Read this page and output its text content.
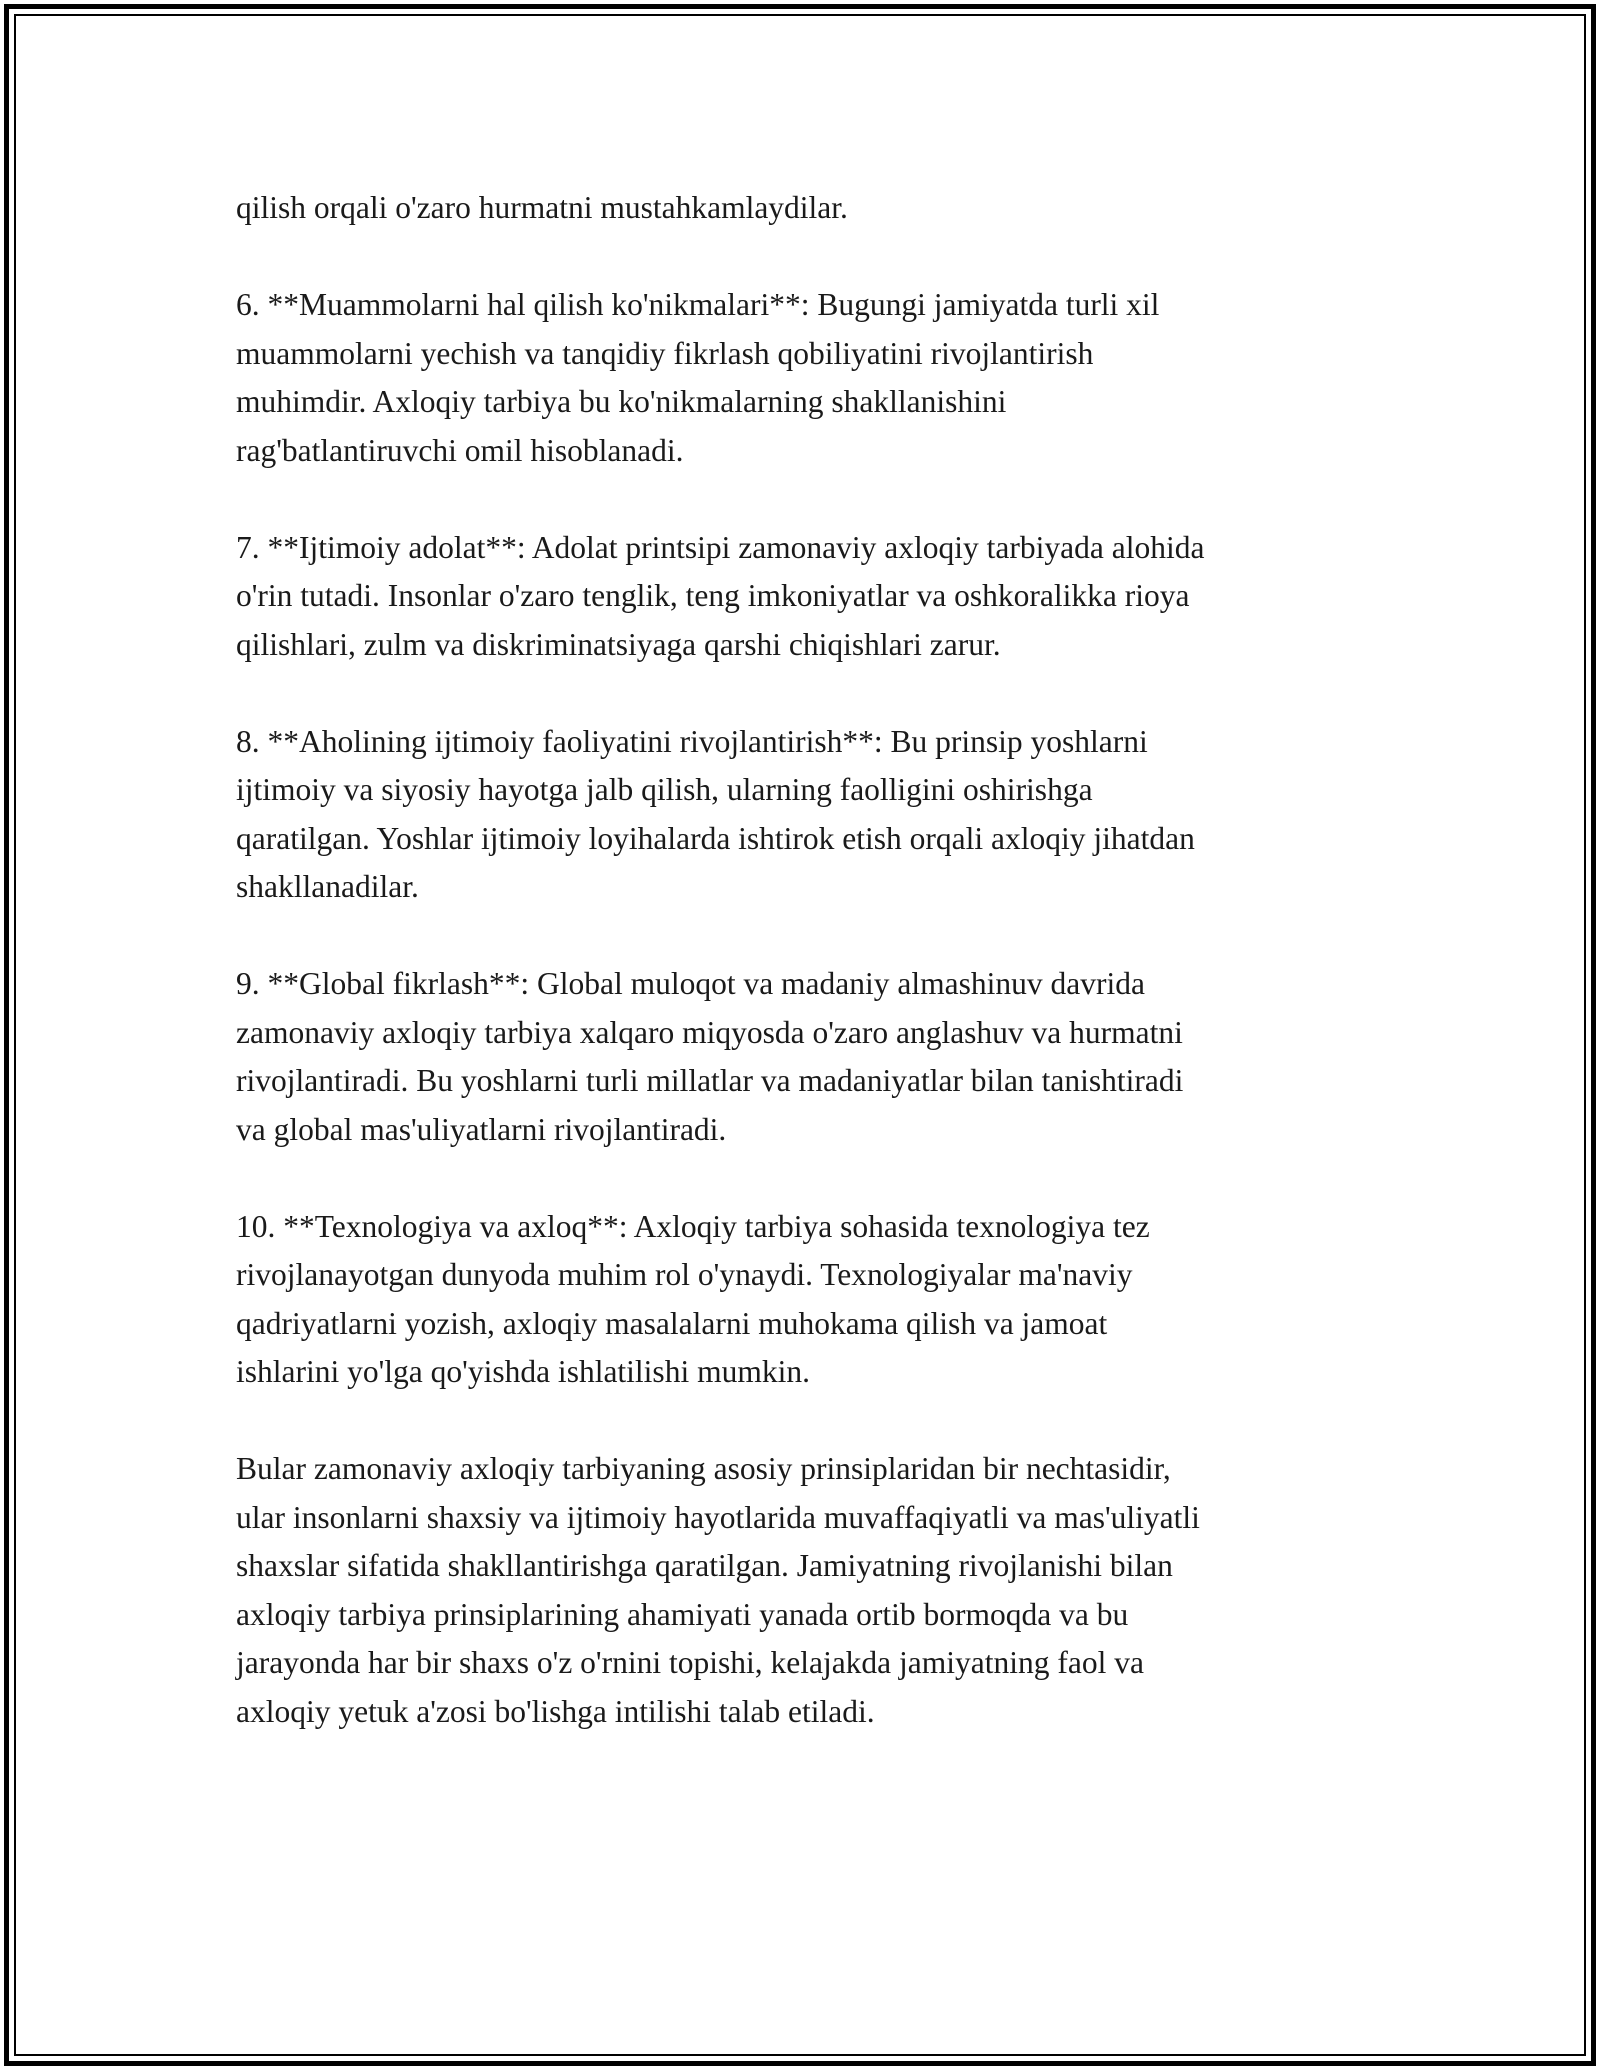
qilish orqali o'zaro hurmatni mustahkamlaydilar.

6. **Muammolarni hal qilish ko'nikmalari**: Bugungi jamiyatda turli xil
muammolarni yechish va tanqidiy fikrlash qobiliyatini rivojlantirish
muhimdir. Axloqiy tarbiya bu ko'nikmalarning shakllanishini
rag'batlantiruvchi omil hisoblanadi.

7. **Ijtimoiy adolat**: Adolat printsipi zamonaviy axloqiy tarbiyada alohida
o'rin tutadi. Insonlar o'zaro tenglik, teng imkoniyatlar va oshkoralikka rioya
qilishlari, zulm va diskriminatsiyaga qarshi chiqishlari zarur.

8. **Aholining ijtimoiy faoliyatini rivojlantirish**: Bu prinsip yoshlarni
ijtimoiy va siyosiy hayotga jalb qilish, ularning faolligini oshirishga
qaratilgan. Yoshlar ijtimoiy loyihalarda ishtirok etish orqali axloqiy jihatdan
shakllanadilar.

9. **Global fikrlash**: Global muloqot va madaniy almashinuv davrida
zamonaviy axloqiy tarbiya xalqaro miqyosda o'zaro anglashuv va hurmatni
rivojlantiradi. Bu yoshlarni turli millatlar va madaniyatlar bilan tanishtiradi
va global mas'uliyatlarni rivojlantiradi.

10. **Texnologiya va axloq**: Axloqiy tarbiya sohasida texnologiya tez
rivojlanayotgan dunyoda muhim rol o'ynaydi. Texnologiyalar ma'naviy
qadriyatlarni yozish, axloqiy masalalarni muhokama qilish va jamoat
ishlarini yo'lga qo'yishda ishlatilishi mumkin.

Bular zamonaviy axloqiy tarbiyaning asosiy prinsiplaridan bir nechtasidir,
ular insonlarni shaxsiy va ijtimoiy hayotlarida muvaffaqiyatli va mas'uliyatli
shaxslar sifatida shakllantirishga qaratilgan. Jamiyatning rivojlanishi bilan
axloqiy tarbiya prinsiplarining ahamiyati yanada ortib bormoqda va bu
jarayonda har bir shaxs o'z o'rnini topishi, kelajakda jamiyatning faol va
axloqiy yetuk a'zosi bo'lishga intilishi talab etiladi.
